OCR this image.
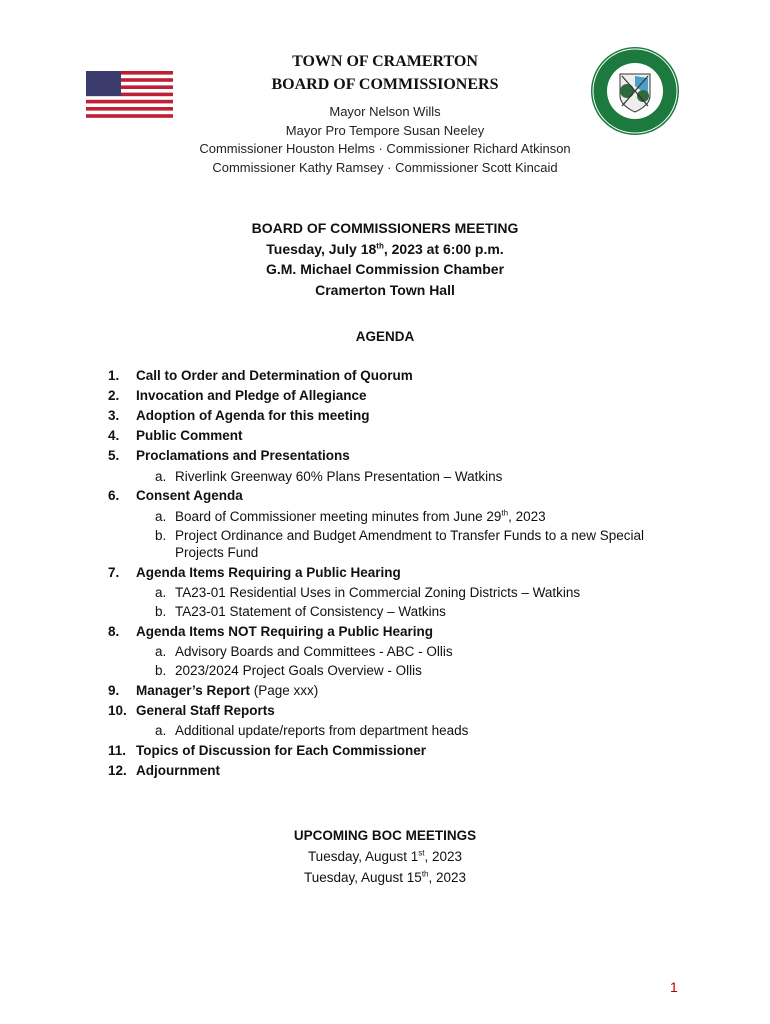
TOWN OF CRAMERTON
BOARD OF COMMISSIONERS
Mayor Nelson Wills
Mayor Pro Tempore Susan Neeley
Commissioner Houston Helms · Commissioner Richard Atkinson
Commissioner Kathy Ramsey · Commissioner Scott Kincaid
BOARD OF COMMISSIONERS MEETING
Tuesday, July 18th, 2023 at 6:00 p.m.
G.M. Michael Commission Chamber
Cramerton Town Hall
AGENDA
1. Call to Order and Determination of Quorum
2. Invocation and Pledge of Allegiance
3. Adoption of Agenda for this meeting
4. Public Comment
5. Proclamations and Presentations
a. Riverlink Greenway 60% Plans Presentation – Watkins
6. Consent Agenda
a. Board of Commissioner meeting minutes from June 29th, 2023
b. Project Ordinance and Budget Amendment to Transfer Funds to a new Special Projects Fund
7. Agenda Items Requiring a Public Hearing
a. TA23-01 Residential Uses in Commercial Zoning Districts – Watkins
b. TA23-01 Statement of Consistency – Watkins
8. Agenda Items NOT Requiring a Public Hearing
a. Advisory Boards and Committees - ABC - Ollis
b. 2023/2024 Project Goals Overview - Ollis
9. Manager’s Report (Page xxx)
10. General Staff Reports
a. Additional update/reports from department heads
11. Topics of Discussion for Each Commissioner
12. Adjournment
UPCOMING BOC MEETINGS
Tuesday, August 1st, 2023
Tuesday, August 15th, 2023
1
